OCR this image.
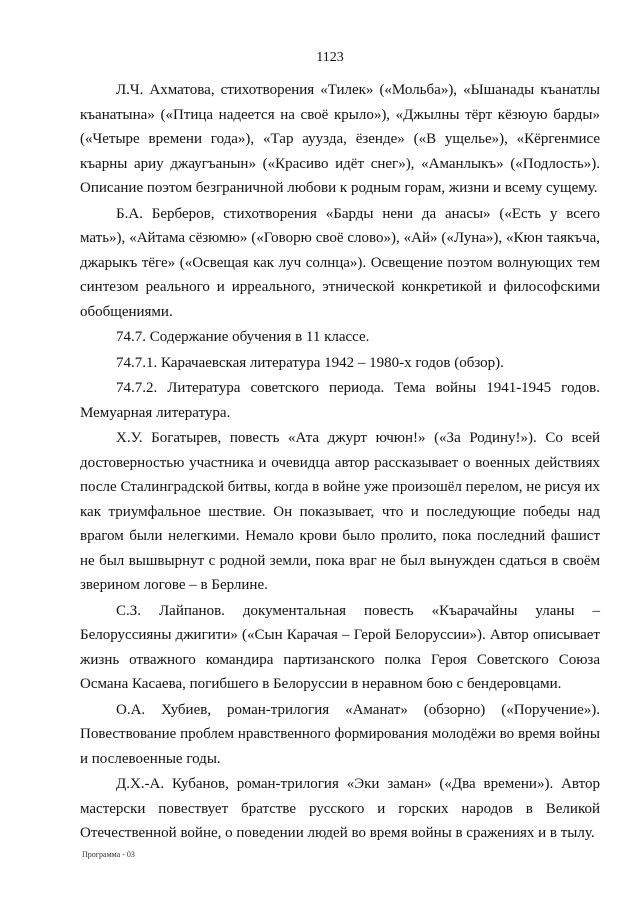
1123

Л.Ч. Ахматова, стихотворения «Тилек» («Мольба»), «Ышанады къанатлы къанатына» («Птица надеется на своё крыло»), «Джылны тёрт кёзюую барды» («Четыре времени года»), «Тар ауузда, ёзенде» («В ущелье»), «Кёргенмисе къарны ариу джаугъанын» («Красиво идёт снег»), «Аманлыкъ» («Подлость»). Описание поэтом безграничной любови к родным горам, жизни и всему сущему.

Б.А. Берберов, стихотворения «Барды нени да анасы» («Есть у всего мать»), «Айтама сёзюмю» («Говорю своё слово»), «Ай» («Луна»), «Кюн таякъча, джарыкъ тёге» («Освещая как луч солнца»). Освещение поэтом волнующих тем синтезом реального и ирреального, этнической конкретикой и философскими обобщениями.

74.7. Содержание обучения в 11 классе.

74.7.1. Карачаевская литература 1942 – 1980-х годов (обзор).

74.7.2. Литература советского периода. Тема войны 1941-1945 годов. Мемуарная литература.

Х.У. Богатырев, повесть «Ата джурт ючюн!» («За Родину!»). Со всей достоверностью участника и очевидца автор рассказывает о военных действиях после Сталинградской битвы, когда в войне уже произошёл перелом, не рисуя их как триумфальное шествие. Он показывает, что и последующие победы над врагом были нелегкими. Немало крови было пролито, пока последний фашист не был вышвырнут с родной земли, пока враг не был вынужден сдаться в своём зверином логове – в Берлине.

С.З. Лайпанов. документальная повесть «Къарачайны уланы – Белоруссияны джигити» («Сын Карачая – Герой Белоруссии»). Автор описывает жизнь отважного командира партизанского полка Героя Советского Союза Османа Касаева, погибшего в Белоруссии в неравном бою с бендеровцами.

О.А. Хубиев, роман-трилогия «Аманат» (обзорно) («Поручение»). Повествование проблем нравственного формирования молодёжи во время войны и послевоенные годы.

Д.Х.-А. Кубанов, роман-трилогия «Эки заман» («Два времени»). Автор мастерски повествует братстве русского и горских народов в Великой Отечественной войне, о поведении людей во время войны в сражениях и в тылу.

Программа - 03
